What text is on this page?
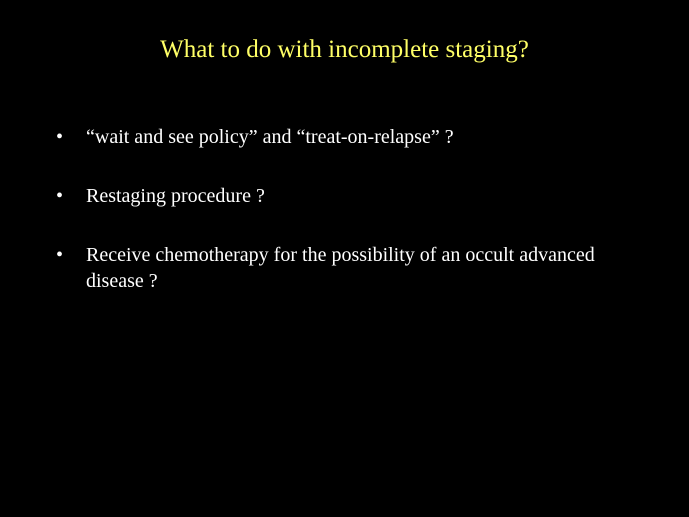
What to do with incomplete staging?
•	“wait and see policy” and “treat-on-relapse” ?
•	Restaging procedure ?
•	Receive chemotherapy for the possibility of an occult advanced disease ?
